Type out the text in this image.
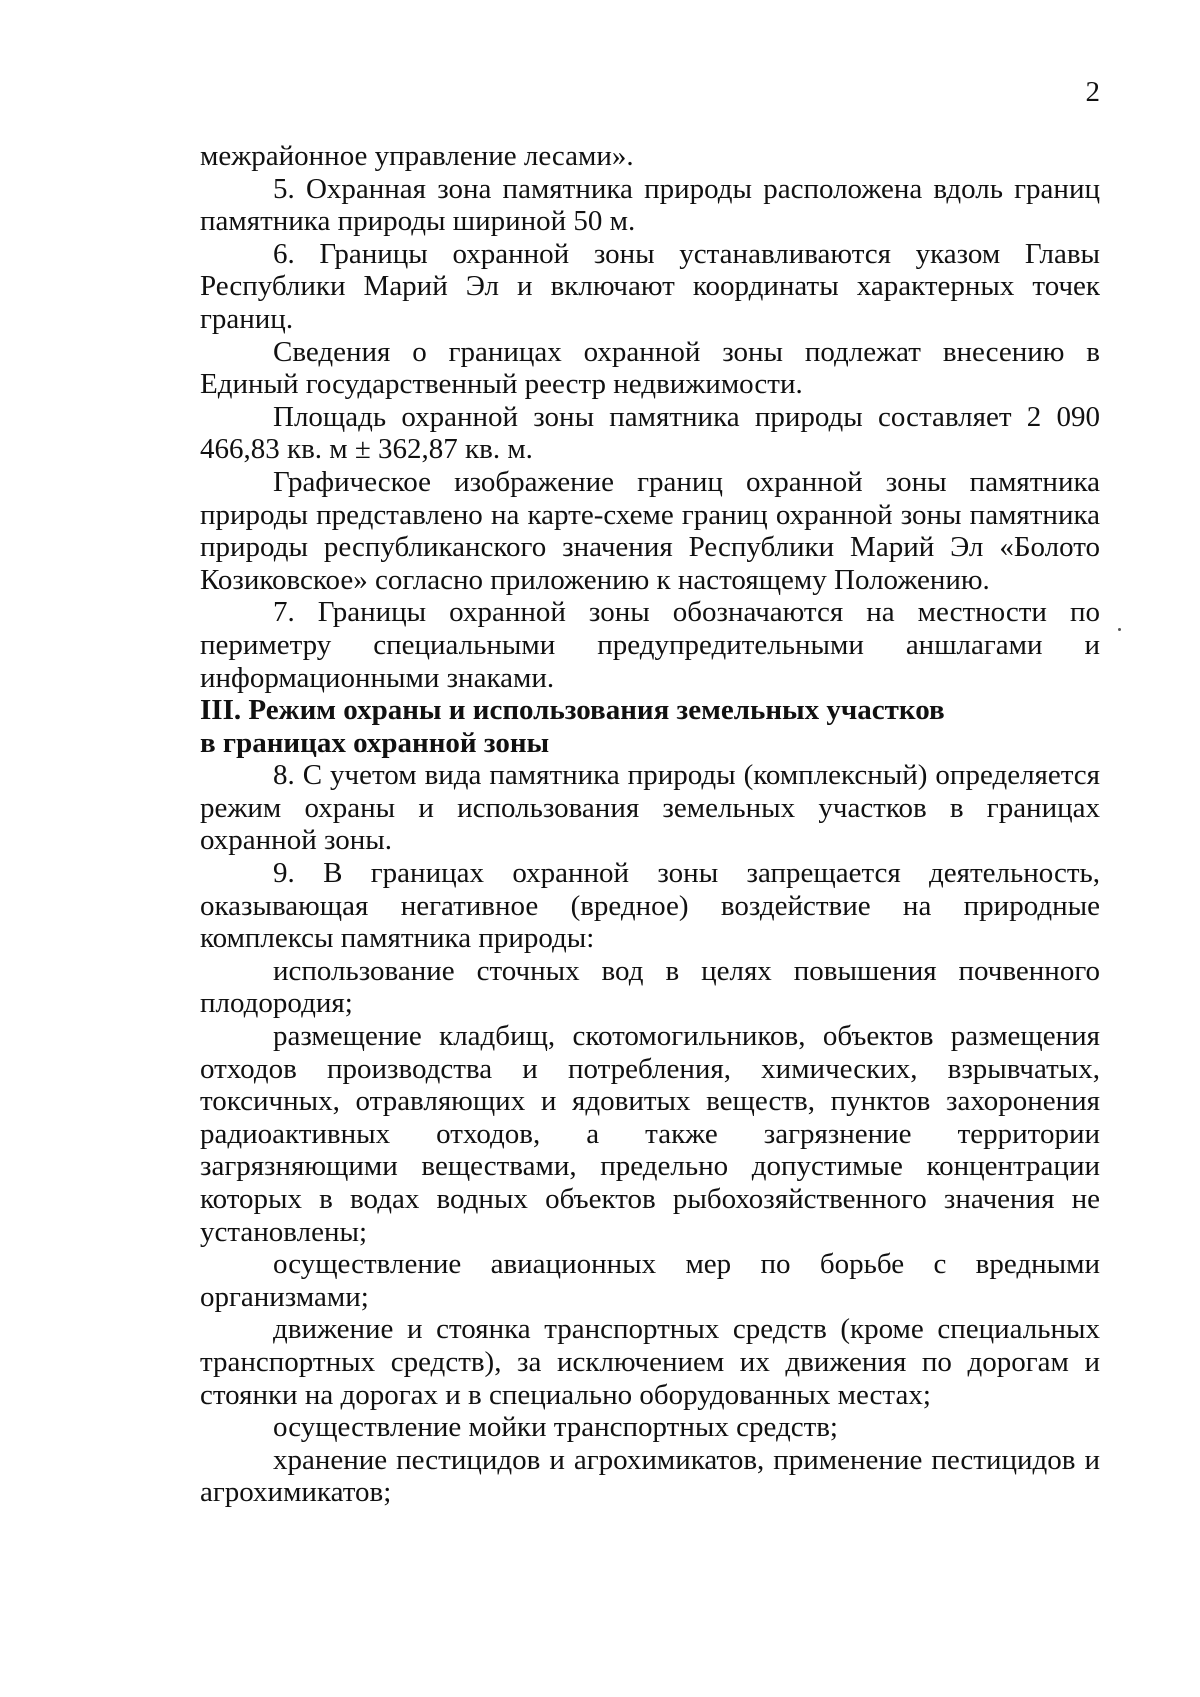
2

межрайонное управление лесами».

5. Охранная зона памятника природы расположена вдоль границ памятника природы шириной 50 м.

6. Границы охранной зоны устанавливаются указом Главы Республики Марий Эл и включают координаты характерных точек границ.

Сведения о границах охранной зоны подлежат внесению в Единый государственный реестр недвижимости.

Площадь охранной зоны памятника природы составляет 2 090 466,83 кв. м ± 362,87 кв. м.

Графическое изображение границ охранной зоны памятника природы представлено на карте-схеме границ охранной зоны памятника природы республиканского значения Республики Марий Эл «Болото Козиковское» согласно приложению к настоящему Положению.

7. Границы охранной зоны обозначаются на местности по периметру специальными предупредительными аншлагами и информационными знаками.

III. Режим охраны и использования земельных участков

в границах охранной зоны

8. С учетом вида памятника природы (комплексный) определяется режим охраны и использования земельных участков в границах охранной зоны.

9. В границах охранной зоны запрещается деятельность, оказывающая негативное (вредное) воздействие на природные комплексы памятника природы:

использование сточных вод в целях повышения почвенного плодородия;

размещение кладбищ, скотомогильников, объектов размещения отходов производства и потребления, химических, взрывчатых, токсичных, отравляющих и ядовитых веществ, пунктов захоронения радиоактивных отходов, а также загрязнение территории загрязняющими веществами, предельно допустимые концентрации которых в водах водных объектов рыбохозяйственного значения не установлены;

осуществление авиационных мер по борьбе с вредными организмами;

движение и стоянка транспортных средств (кроме специальных транспортных средств), за исключением их движения по дорогам и стоянки на дорогах и в специально оборудованных местах;

осуществление мойки транспортных средств;

хранение пестицидов и агрохимикатов, применение пестицидов и агрохимикатов;
